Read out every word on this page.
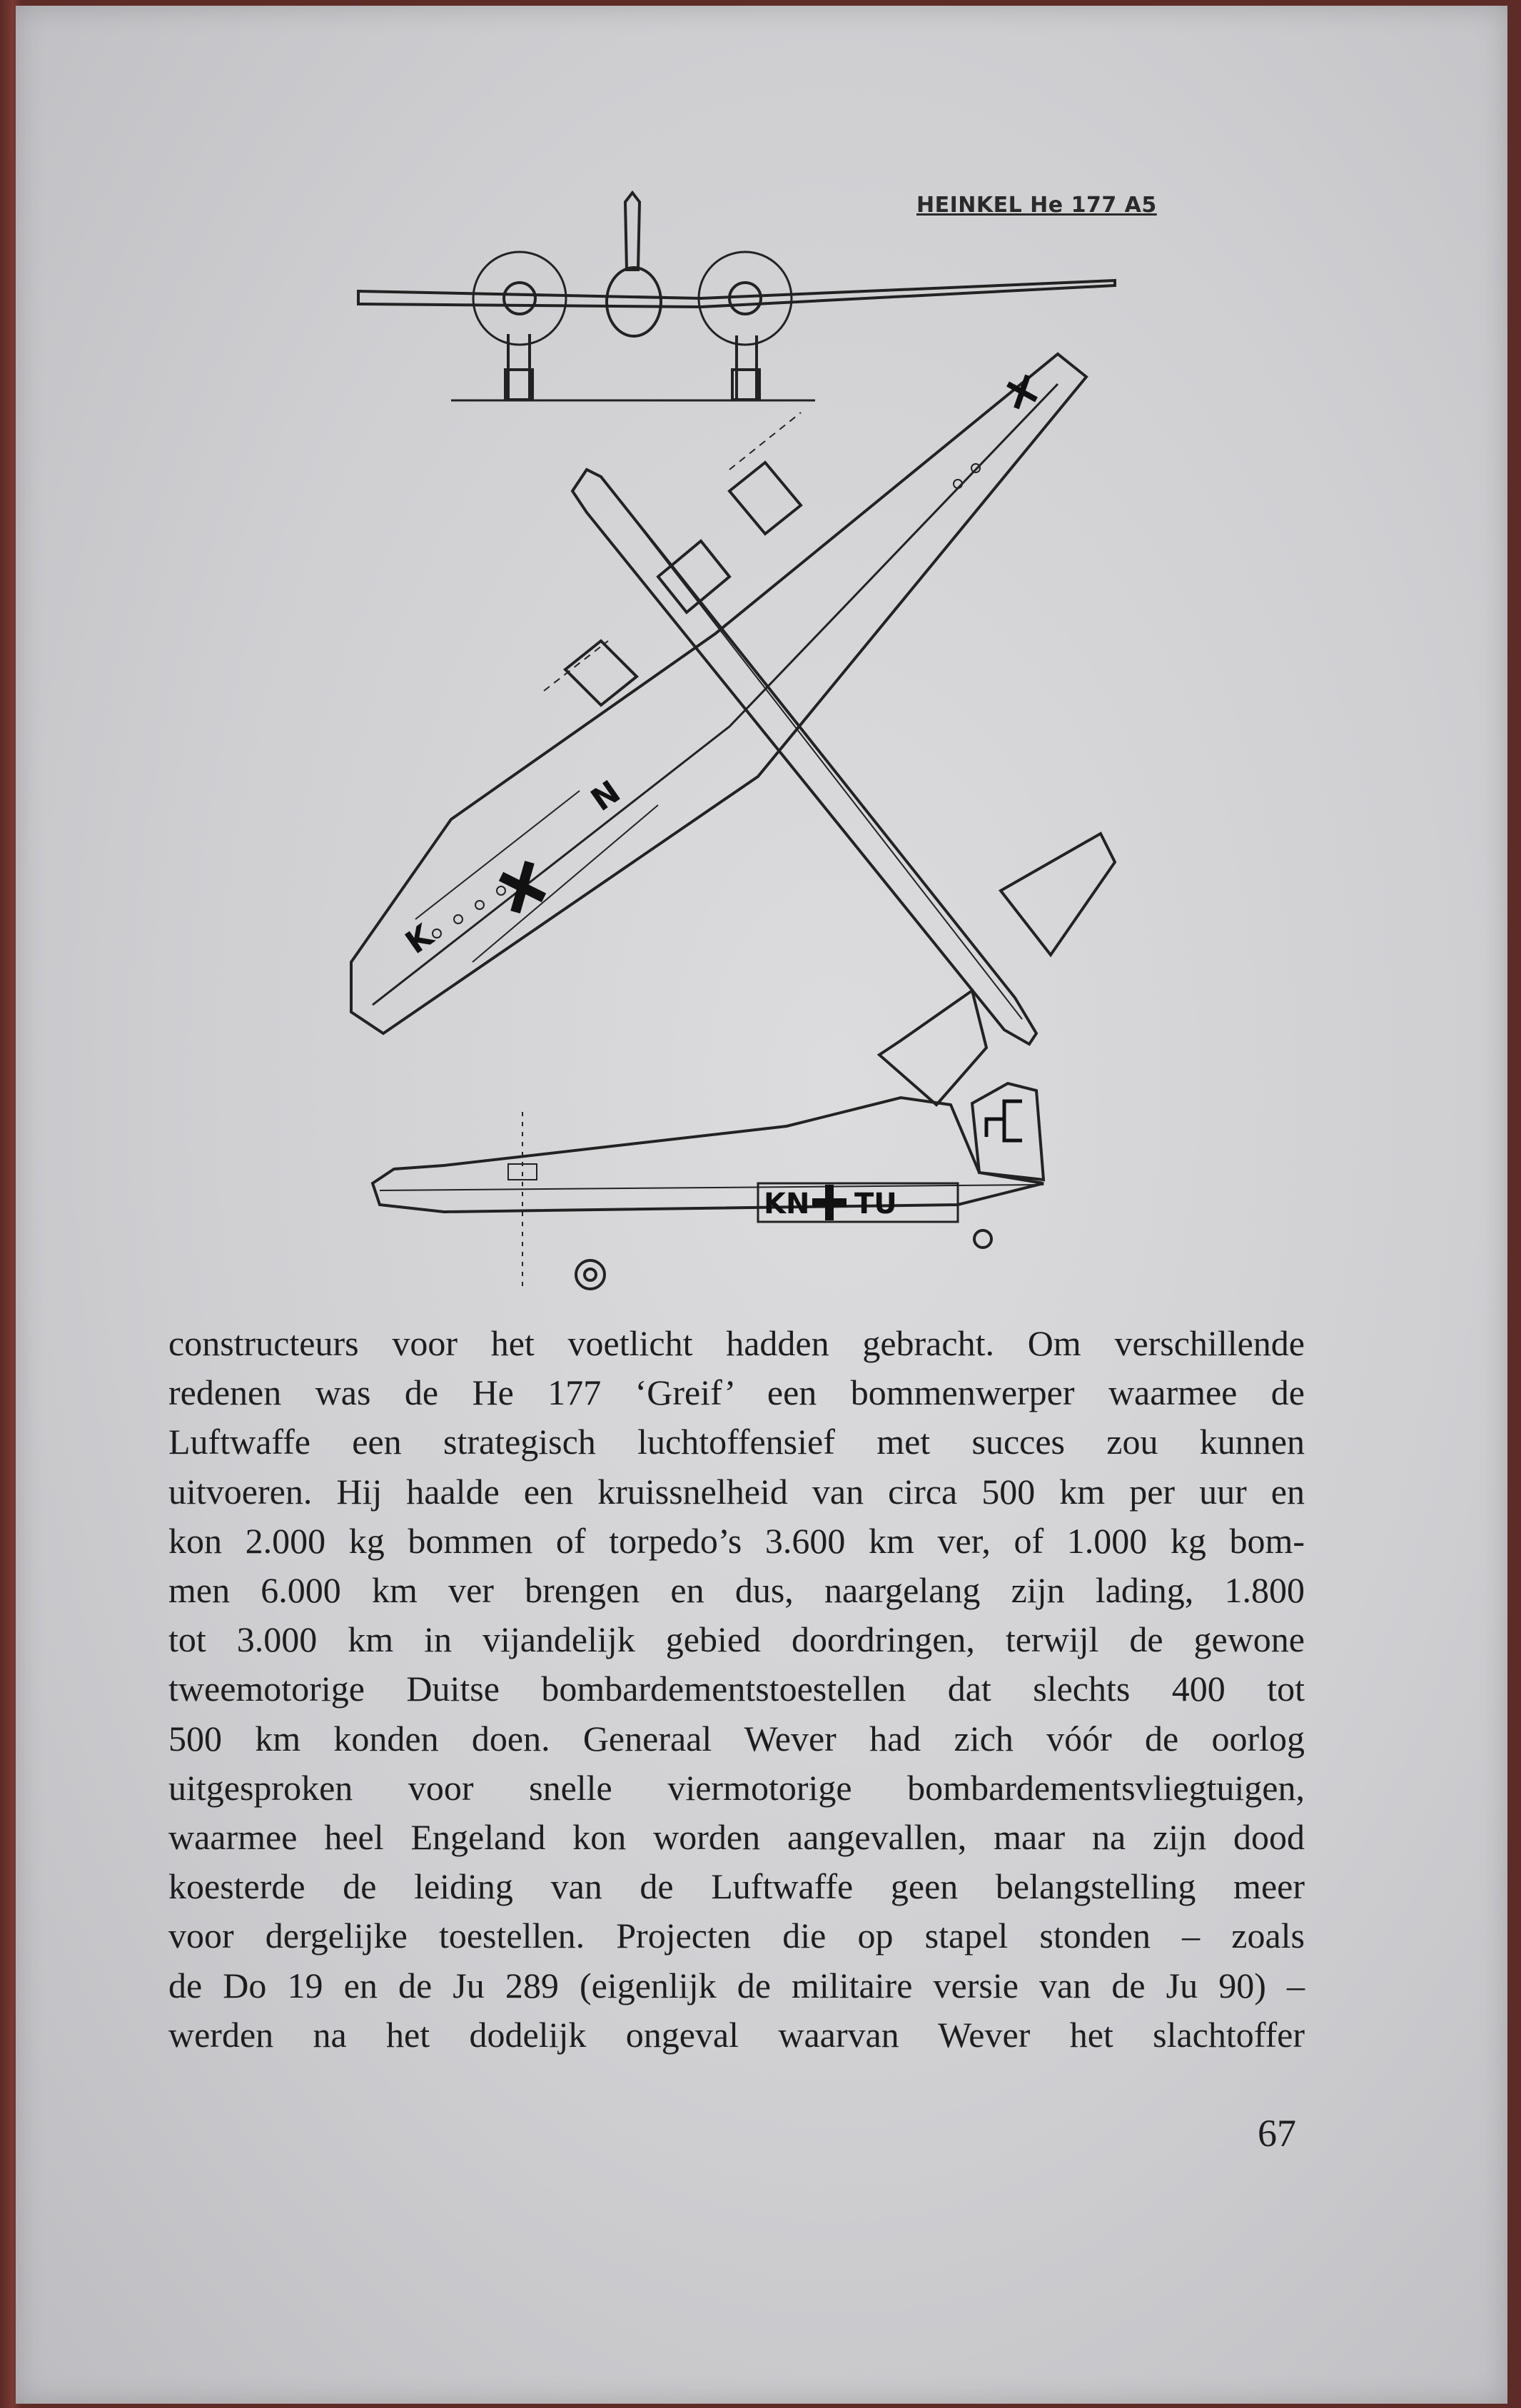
HEINKEL He 177 A5
K
N
KN TU
constructeurs voor het voetlicht hadden gebracht. Om verschillende
redenen was de He 177 ‘Greif’ een bommenwerper waarmee de
Luftwaffe een strategisch luchtoffensief met succes zou kunnen
uitvoeren. Hij haalde een kruissnelheid van circa 500 km per uur en
kon 2.000 kg bommen of torpedo’s 3.600 km ver, of 1.000 kg bom-
men 6.000 km ver brengen en dus, naargelang zijn lading, 1.800
tot 3.000 km in vijandelijk gebied doordringen, terwijl de gewone
tweemotorige Duitse bombardementstoestellen dat slechts 400 tot
500 km konden doen. Generaal Wever had zich vóór de oorlog
uitgesproken voor snelle viermotorige bombardementsvliegtuigen,
waarmee heel Engeland kon worden aangevallen, maar na zijn dood
koesterde de leiding van de Luftwaffe geen belangstelling meer
voor dergelijke toestellen. Projecten die op stapel stonden – zoals
de Do 19 en de Ju 289 (eigenlijk de militaire versie van de Ju 90) –
werden na het dodelijk ongeval waarvan Wever het slachtoffer
67
